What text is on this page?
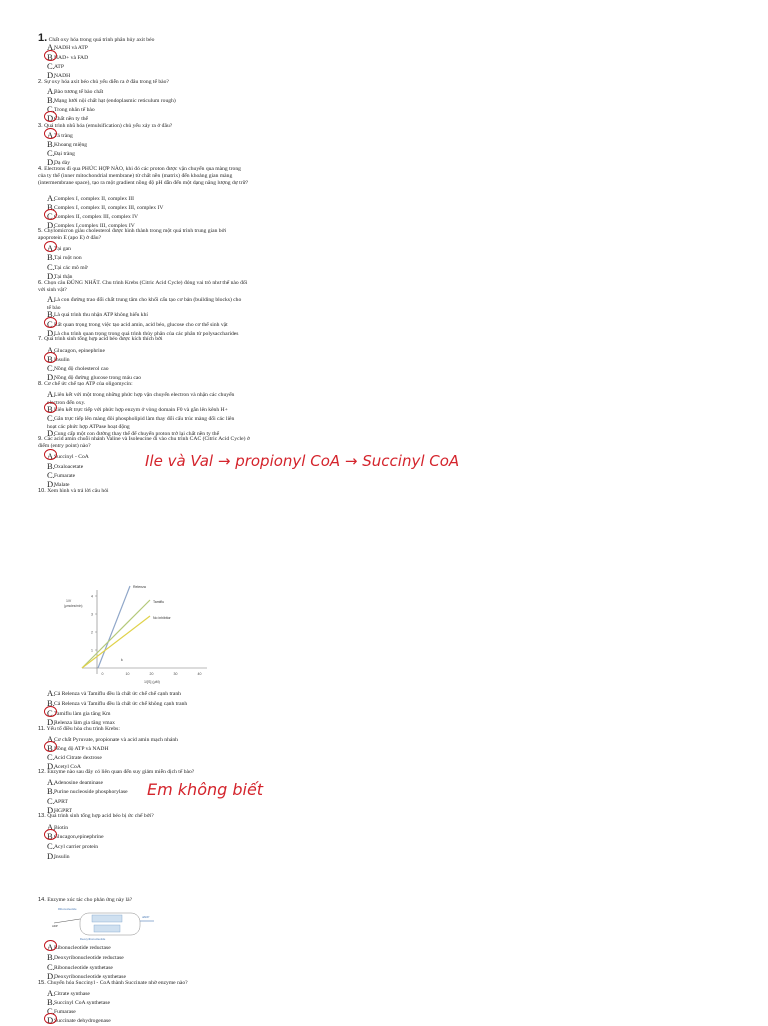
1. Chất oxy hóa trong quá trình phân hủy axit béo
A.NADH và ATP
B.NAD+ và FAD
C.ATP
D.NADH
2. Sự oxy hóa axit béo chủ yếu diễn ra ở đâu trong tế bào?
A.Bào tương tế bào chất
B.Mạng lưới nội chất hạt (endoplasmic reticulum rough)
C.Trong nhân tế bào
D.Chất nền ty thể
3. Quá trình nhũ hóa (emulsification) chủ yếu xảy ra ở đâu?
A.Tá tràng
B.Khoang miệng
C.Đại tràng
D.Dạ dày
4. Electrons đi qua PHỨC HỢP NÀO, khi đó các proton được vận chuyển qua màng trong của ty thể (inner mitochondrial membrane) từ chất nền (matrix) đến khoảng gian màng (intermembrane space), tạo ra một gradient nồng độ pH dẫn đến một dạng năng lượng dự trữ?
A.Complex I, complex II, complex III
B.Complex I, complex II, complex III, complex IV
C.Complex II, complex III, complex IV
D.Complex I,complex III, complex IV
5. Chylomicron giàu cholesterol được hình thành trong một quá trình trung gian bởi apoprotein E (apo E) ở đâu?
A.Tại gan
B.Tại ruột non
C.Tại các mô mỡ
D.Tại thận
6. Chọn câu ĐÚNG NHẤT. Chu trình Krebs (Citric Acid Cycle) đóng vai trò như thế nào đối với sinh vật?
A.Là con đường trao đổi chất trung tâm cho khối cấu tạo cơ bản (building blocks) cho tế bào
B.Là quá trình thu nhận ATP không hiếu khí
C.Rất quan trọng trong việc tạo acid amin, acid béo, glucose cho cơ thể sinh vật
D.Là chu trình quan trọng trong quá trình thủy phân của các phân tử polysaccharides
7. Quá trình sinh tổng hợp acid béo được kích thích bởi
A.Glucagon, epinephrine
B.Insulin
C.Nồng độ cholesterol cao
D.Nồng độ đường glucose trong máu cao
8. Cơ chế ức chế tạo ATP của oligomycin:
A.Liên kết với một trong những phức hợp vận chuyển electron và nhận các chuyển electron đến oxy.
B.Liên kết trực tiếp với phức hợp enzym ở vòng domain F0 và gắn lên kênh H+
C.Gắn trực tiếp lên màng đôi phospholipid làm thay đổi cấu trúc màng đối các liên hoạt các phức hợp ATPase hoạt động
D.Cung cấp một con đường thay thế để chuyển proton trở lại chất nền ty thể
9. Các acid amin chuỗi nhánh Valine và Isoleucine đi vào chu trình CAC (Citric Acid Cycle) ở điểm (entry point) nào?
A.Succinyl - CoA
B.Oxaloacetate
C.Fumarate
D.Malate
Ile và Val → propionyl CoA → Succinyl CoA
10. Xem hình và trả lời câu hỏi
1/V
(μmoles/min)
4
3
2
1
0	10	20	30	40
Relenza
Tamiflu
No inhibitor
k
1/[S] (μM)
A.Cả Relenza và Tamiflu đều là chất ức chế chế cạnh tranh
B.Cả Relenza và Tamiflu đều là chất ức chế không cạnh tranh
C.Tamiflu làm gia tăng Km
D.Relenza làm gia tăng vmax
11. Yếu tố điều hòa chu trình Krebs:
A.Cơ chất Pyruvate, propionate và acid amin mạch nhánh
B.Nồng độ ATP và NADH
C.Acid Citrate dextrose
D.Acetyl CoA
12. Enzyme nào sau đây có liên quan đến suy giảm miễn dịch tế bào?
A.Adenosine deaminase
B.Purine nucleoside phosphorylase
C.APRT
D.HGPRT
Em không biết
13. Quá trình sinh tổng hợp acid béo bị ức chế bởi?
A.Biotin
B.Glucagon,epinephrine
C.Acyl carrier protein
D.Insulin
14. Enzyme xúc tác cho phản ứng này là?
Ribonucleotide
ADP
dADP
Deoxyribonucleotide
A.Ribonucleotide reductase
B.Deoxyribonucleotide reductase
C.Ribonucleotide synthetase
D.Deoxyribonucleotide synthetase
15. Chuyển hóa Succinyl - CoA thành Succinate nhờ enzyme nào?
A.Citrate synthase
B.Succinyl CoA synthetase
C.Fumarase
D.Succinate dehydrogenase
